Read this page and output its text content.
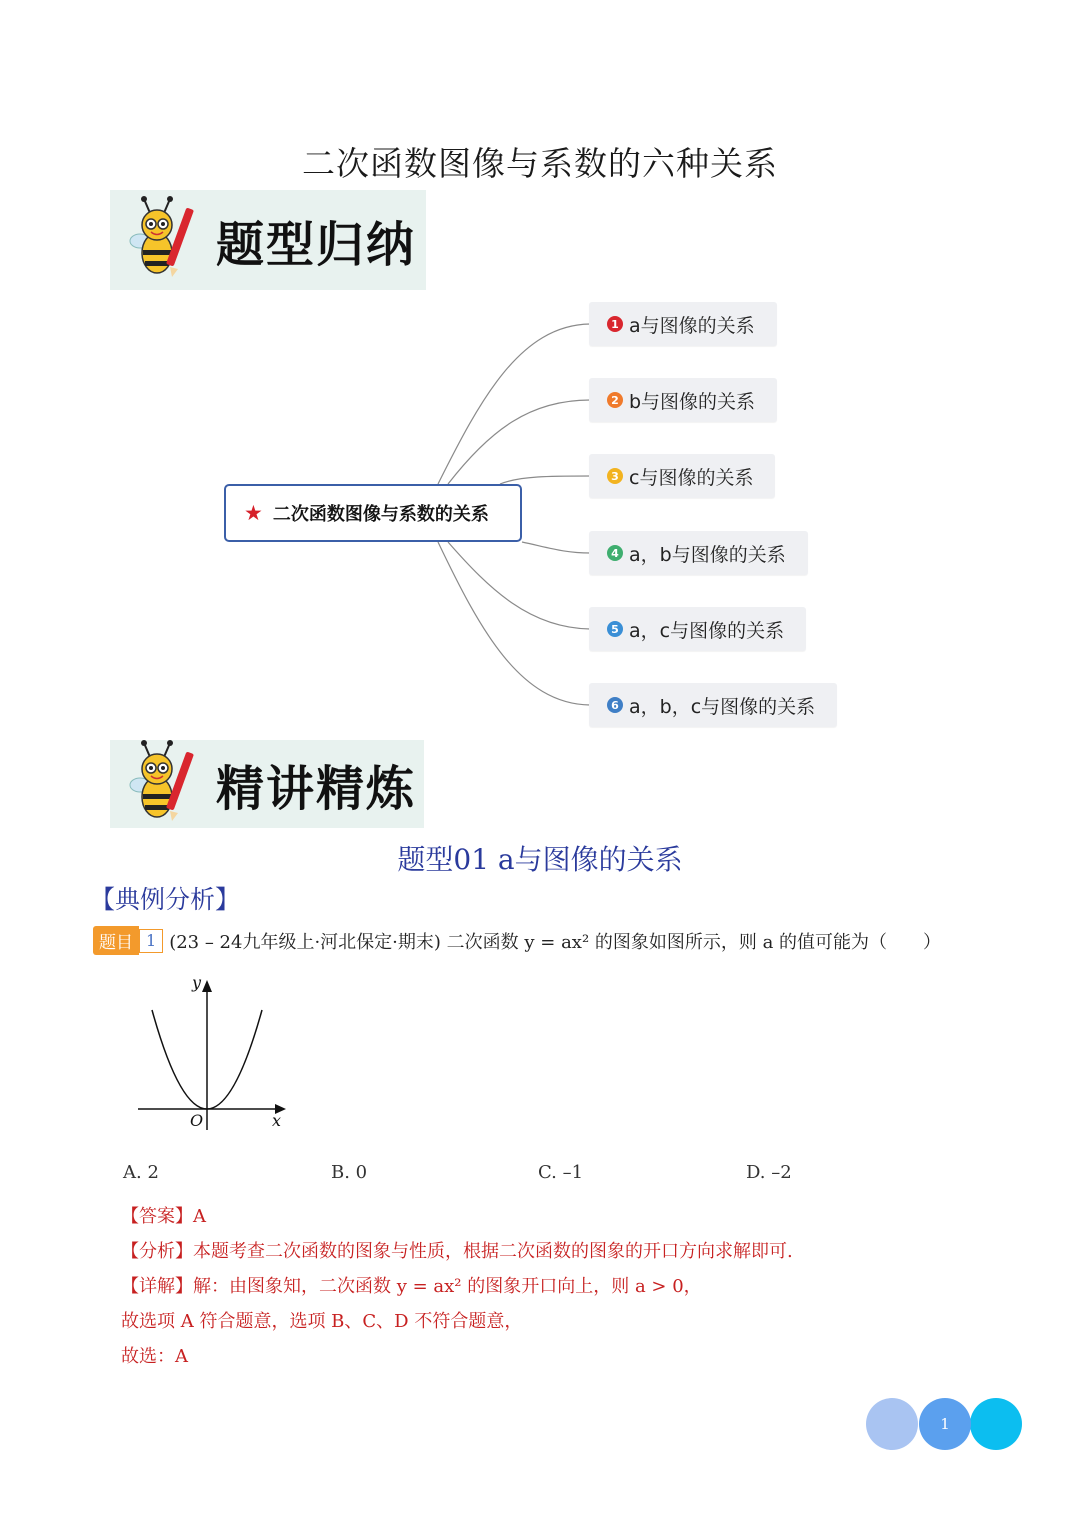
二次函数图像与系数的六种关系
题型归纳
★ 二次函数图像与系数的关系
1 a与图像的关系
2 b与图像的关系
3 c与图像的关系
4 a，b与图像的关系
5 a，c与图像的关系
6 a，b，c与图像的关系
精讲精炼
题型01 a与图像的关系
【典例分析】
题目 1 (23 – 24九年级上·河北保定·期末) 二次函数 y = ax² 的图象如图所示，则 a 的值可能为（　　）
y
x
O
A. 2	B. 0	C. –1	D. –2
【答案】A
【分析】本题考查二次函数的图象与性质，根据二次函数的图象的开口方向求解即可.
【详解】解：由图象知，二次函数 y = ax² 的图象开口向上，则 a > 0，
故选项 A 符合题意，选项 B、C、D 不符合题意，
故选：A
1
